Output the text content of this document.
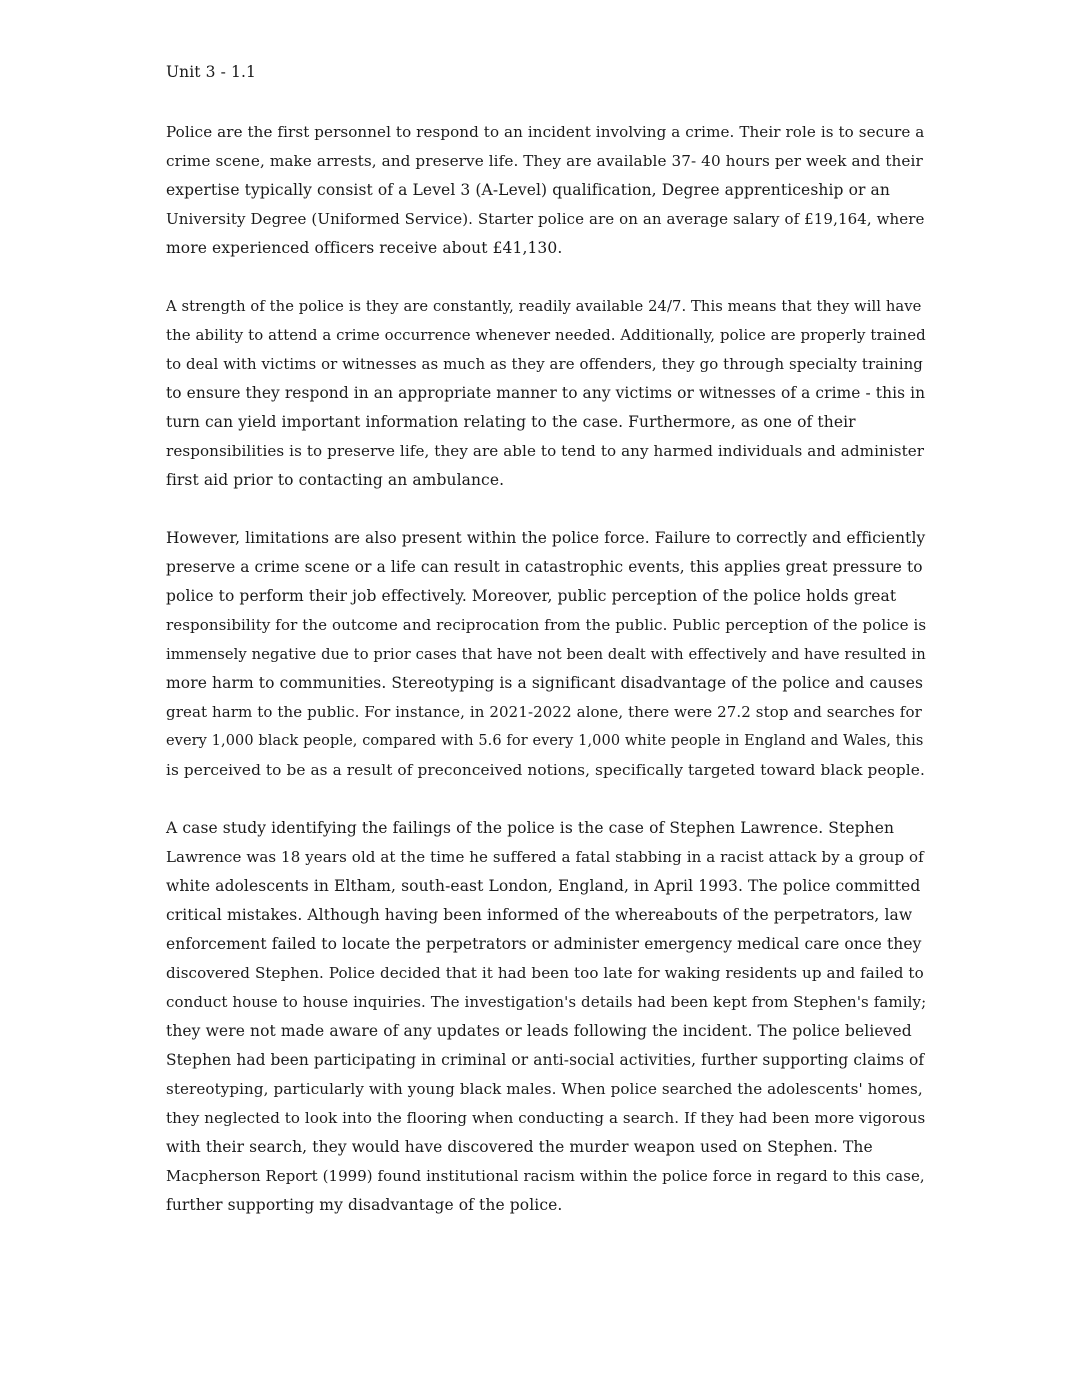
Unit 3 - 1.1

Police are the first personnel to respond to an incident involving a crime. Their role is to secure a
crime scene, make arrests, and preserve life. They are available 37- 40 hours per week and their
expertise typically consist of a Level 3 (A-Level) qualification, Degree apprenticeship or an
University Degree (Uniformed Service). Starter police are on an average salary of £19,164, where
more experienced officers receive about £41,130.

A strength of the police is they are constantly, readily available 24/7. This means that they will have
the ability to attend a crime occurrence whenever needed. Additionally, police are properly trained
to deal with victims or witnesses as much as they are offenders, they go through specialty training
to ensure they respond in an appropriate manner to any victims or witnesses of a crime - this in
turn can yield important information relating to the case. Furthermore, as one of their
responsibilities is to preserve life, they are able to tend to any harmed individuals and administer
first aid prior to contacting an ambulance.

However, limitations are also present within the police force. Failure to correctly and efficiently
preserve a crime scene or a life can result in catastrophic events, this applies great pressure to
police to perform their job effectively. Moreover, public perception of the police holds great
responsibility for the outcome and reciprocation from the public. Public perception of the police is
immensely negative due to prior cases that have not been dealt with effectively and have resulted in
more harm to communities. Stereotyping is a significant disadvantage of the police and causes
great harm to the public. For instance, in 2021-2022 alone, there were 27.2 stop and searches for
every 1,000 black people, compared with 5.6 for every 1,000 white people in England and Wales, this
is perceived to be as a result of preconceived notions, specifically targeted toward black people.

A case study identifying the failings of the police is the case of Stephen Lawrence. Stephen
Lawrence was 18 years old at the time he suffered a fatal stabbing in a racist attack by a group of
white adolescents in Eltham, south-east London, England, in April 1993. The police committed
critical mistakes. Although having been informed of the whereabouts of the perpetrators, law
enforcement failed to locate the perpetrators or administer emergency medical care once they
discovered Stephen. Police decided that it had been too late for waking residents up and failed to
conduct house to house inquiries. The investigation's details had been kept from Stephen's family;
they were not made aware of any updates or leads following the incident. The police believed
Stephen had been participating in criminal or anti-social activities, further supporting claims of
stereotyping, particularly with young black males. When police searched the adolescents' homes,
they neglected to look into the flooring when conducting a search. If they had been more vigorous
with their search, they would have discovered the murder weapon used on Stephen. The
Macpherson Report (1999) found institutional racism within the police force in regard to this case,
further supporting my disadvantage of the police.
